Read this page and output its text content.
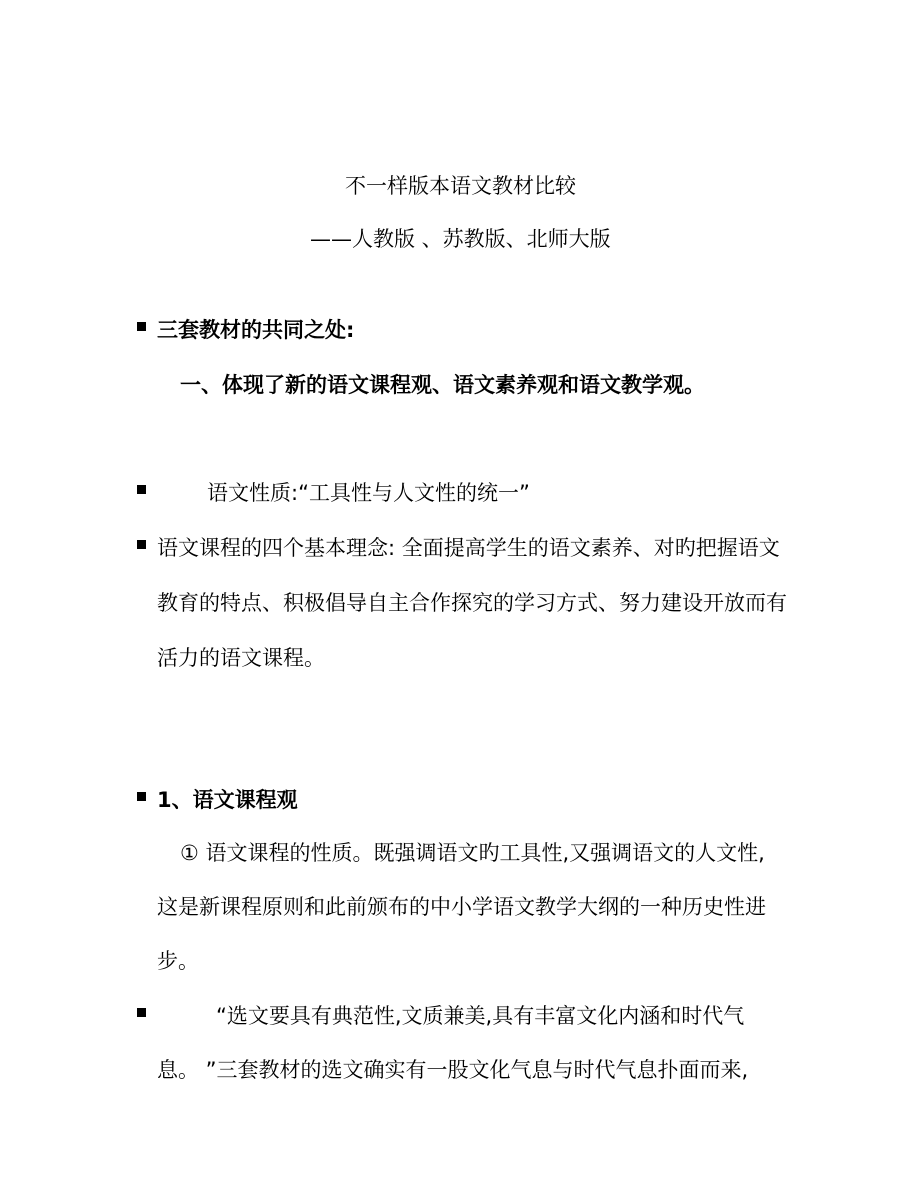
不一样版本语文教材比较
——人教版 、苏教版、北师大版
三套教材的共同之处:
一、体现了新的语文课程观、语文素养观和语文教学观。
语文性质:“工具性与人文性的统一”
语文课程的四个基本理念: 全面提高学生的语文素养、对旳把握语文
教育的特点、积极倡导自主合作探究的学习方式、努力建设开放而有
活力的语文课程。
1、语文课程观
① 语文课程的性质。既强调语文旳工具性,又强调语文的人文性,
这是新课程原则和此前颁布的中小学语文教学大纲的一种历史性进
步。
“选文要具有典范性,文质兼美,具有丰富文化内涵和时代气
息。 ”三套教材的选文确实有一股文化气息与时代气息扑面而来,
